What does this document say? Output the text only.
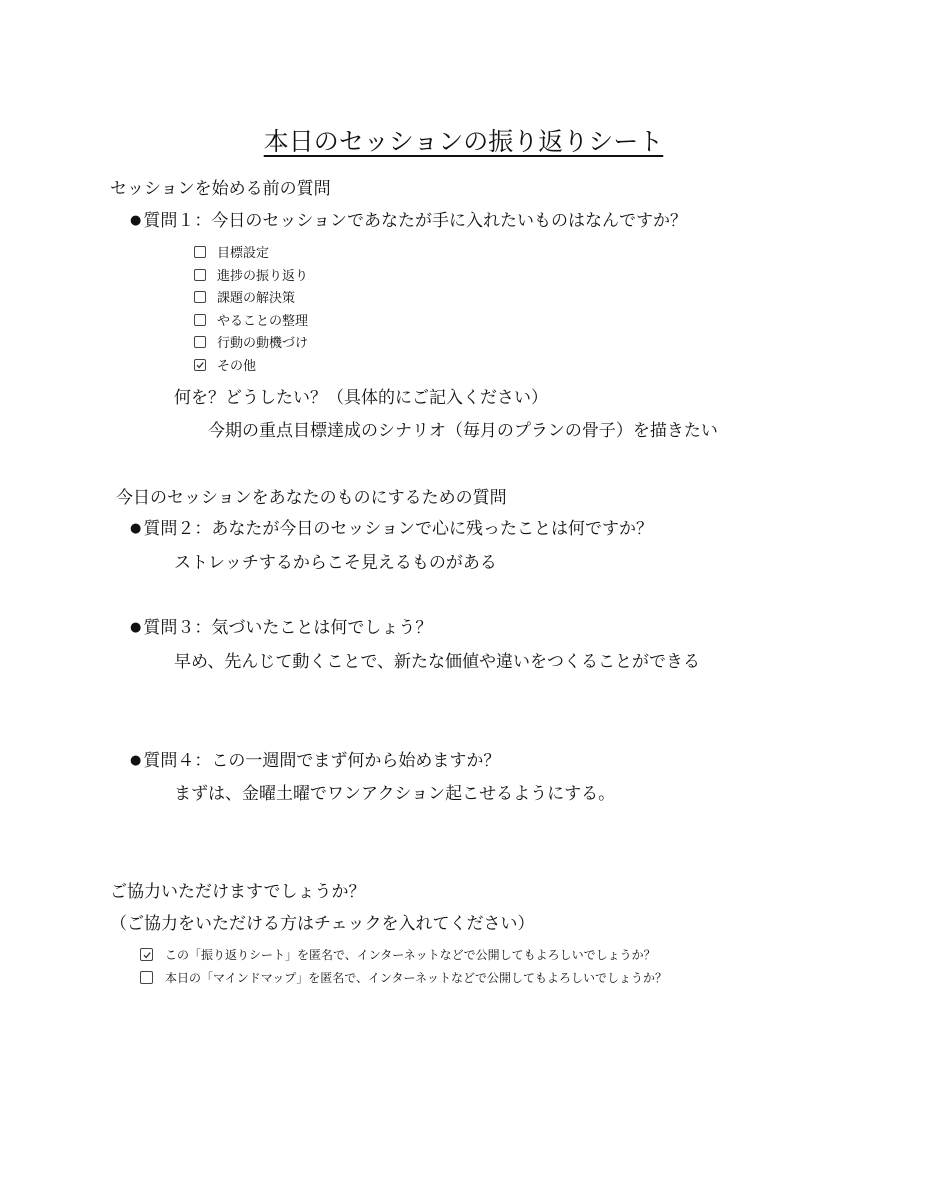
本日のセッションの振り返りシート
セッションを始める前の質問
● 質問１：今日のセッションであなたが手に入れたいものはなんですか？
目標設定
進捗の振り返り
課題の解決策
やることの整理
行動の動機づけ
その他
何を？どうしたい？（具体的にご記入ください）
今期の重点目標達成のシナリオ（毎月のプランの骨子）を描きたい
今日のセッションをあなたのものにするための質問
● 質問２：あなたが今日のセッションで心に残ったことは何ですか？
ストレッチするからこそ見えるものがある
● 質問３：気づいたことは何でしょう？
早め、先んじて動くことで、新たな価値や違いをつくることができる
● 質問４：この一週間でまず何から始めますか？
まずは、金曜土曜でワンアクション起こせるようにする。
ご協力いただけますでしょうか？
（ご協力をいただける方はチェックを入れてください）
この「振り返りシート」を匿名で、インターネットなどで公開してもよろしいでしょうか？
本日の「マインドマップ」を匿名で、インターネットなどで公開してもよろしいでしょうか？
